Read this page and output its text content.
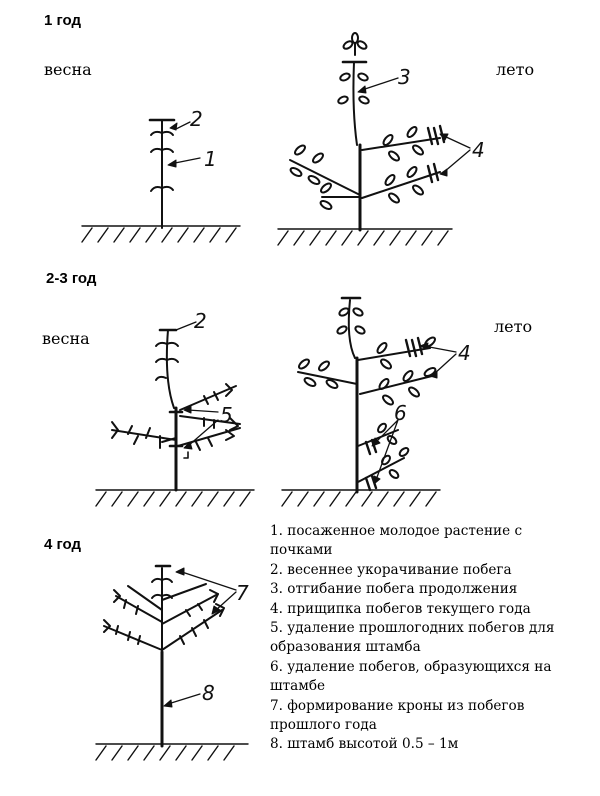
1 год
2-3 год
4 год
весна	лето
весна
лето
2
1
3
4
2
5
4
6
7
8
1. посаженное молодое растение с почками
2. весеннее укорачивание побега
3. отгибание побега продолжения
4. прищипка побегов текущего года
5. удаление прошлогодних побегов для образования штамба
6. удаление побегов, образующихся на штамбе
7. формирование кроны из побегов прошлого года
8. штамб высотой 0.5 – 1м
